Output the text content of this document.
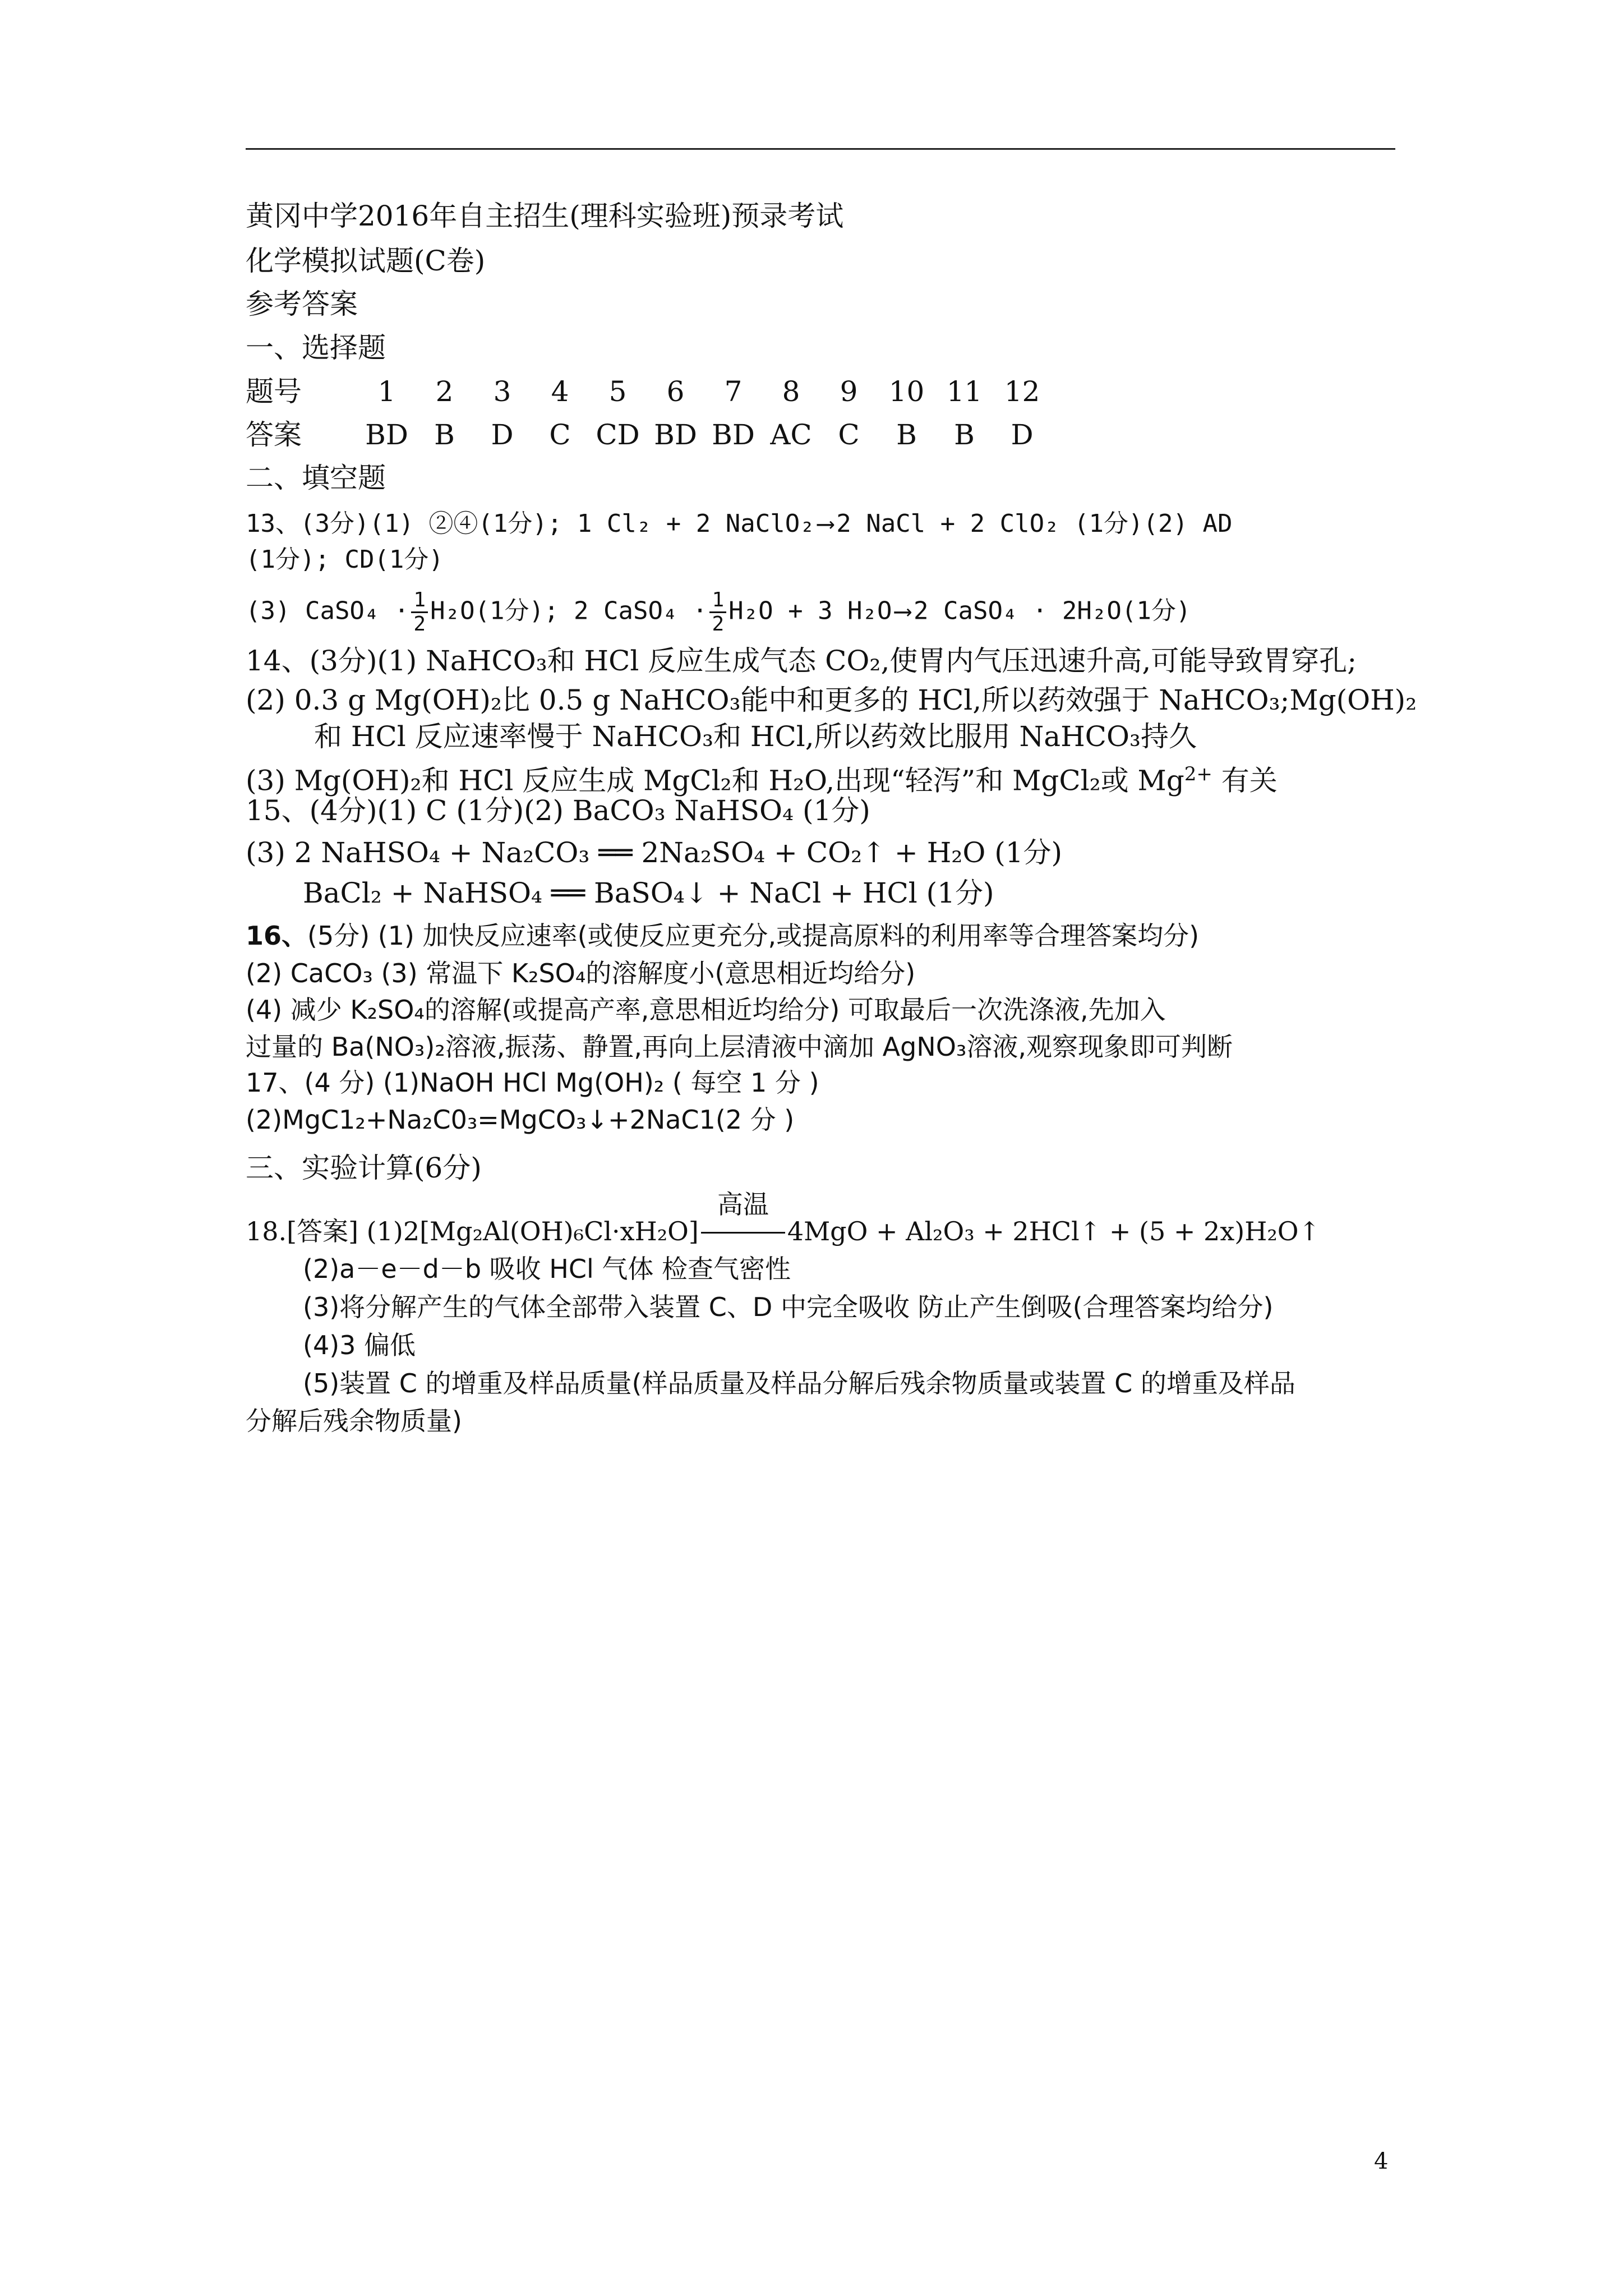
黄冈中学2016年自主招生(理科实验班)预录考试
化学模拟试题(C卷)
参考答案
一、选择题
题号	1 2 3 4 5 6 7 8 9 10 11 12
答案 BD B D C CD BD BD AC C B B D
二、填空题
13、(3分)(1) ②④(1分); 1 Cl₂ + 2 NaClO₂ ⟶ 2 NaCl + 2 ClO₂ (1分)(2) AD
(1分); CD(1分)
(3) CaSO₄ · $\frac{1}{2} H_2O(1$分); 2 CaSO₄ · $\frac{1}{2} H_2O + 3$ H₂O ⟶ 2 CaSO₄ · 2H₂O(1分)
14、(3分)(1) NaHCO₃和 HCl 反应生成气态 CO₂,使胃内气压迅速升高,可能导致胃穿孔;
(2) 0.3 g Mg(OH)₂比 0.5 g NaHCO₃能中和更多的 HCl,所以药效强于 NaHCO₃;Mg(OH)₂
和 HCl 反应速率慢于 NaHCO₃和 HCl,所以药效比服用 NaHCO₃持久
(3) Mg(OH)₂和 HCl 反应生成 MgCl₂和 H₂O,出现“轻泻”和 MgCl₂或 $Mg^{2+}$ 有关
15、(4分)(1) C (1分)(2) BaCO₃ NaHSO₄ (1分)
(3) 2 NaHSO₄ + Na₂CO₃ ══ 2Na₂SO₄ + CO₂↑ + H₂O (1分)
BaCl₂ + NaHSO₄ ══ BaSO₄↓ + NaCl + HCl (1分)
16、(5分) (1) 加快反应速率(或使反应更充分,或提高原料的利用率等合理答案均分)
(2) CaCO₃ (3) 常温下 K₂SO₄的溶解度小(意思相近均给分)
(4) 减少 K₂SO₄的溶解(或提高产率,意思相近均给分) 可取最后一次洗涤液,先加入
过量的 Ba(NO₃)₂溶液,振荡、静置,再向上层清液中滴加 AgNO₃溶液,观察现象即可判断
17、(4 分) (1)NaOH HCl Mg(OH)₂ ( 每空 1 分 )
(2)MgC1₂+Na₂C0₃=MgCO₃↓+2NaC1(2 分 )
三、实验计算(6分)
18.[答案] (1)2[Mg₂Al(OH)₆Cl·xH₂O]
高温
4MgO + Al₂O₃ + 2HCl↑ + (5 + 2x)H₂O↑
(2)a－e－d－b 吸收 HCl 气体 检查气密性
(3)将分解产生的气体全部带入装置 C、D 中完全吸收 防止产生倒吸(合理答案均给分)
(4)3 偏低
(5)装置 C 的增重及样品质量(样品质量及样品分解后残余物质量或装置 C 的增重及样品
分解后残余物质量)
4
